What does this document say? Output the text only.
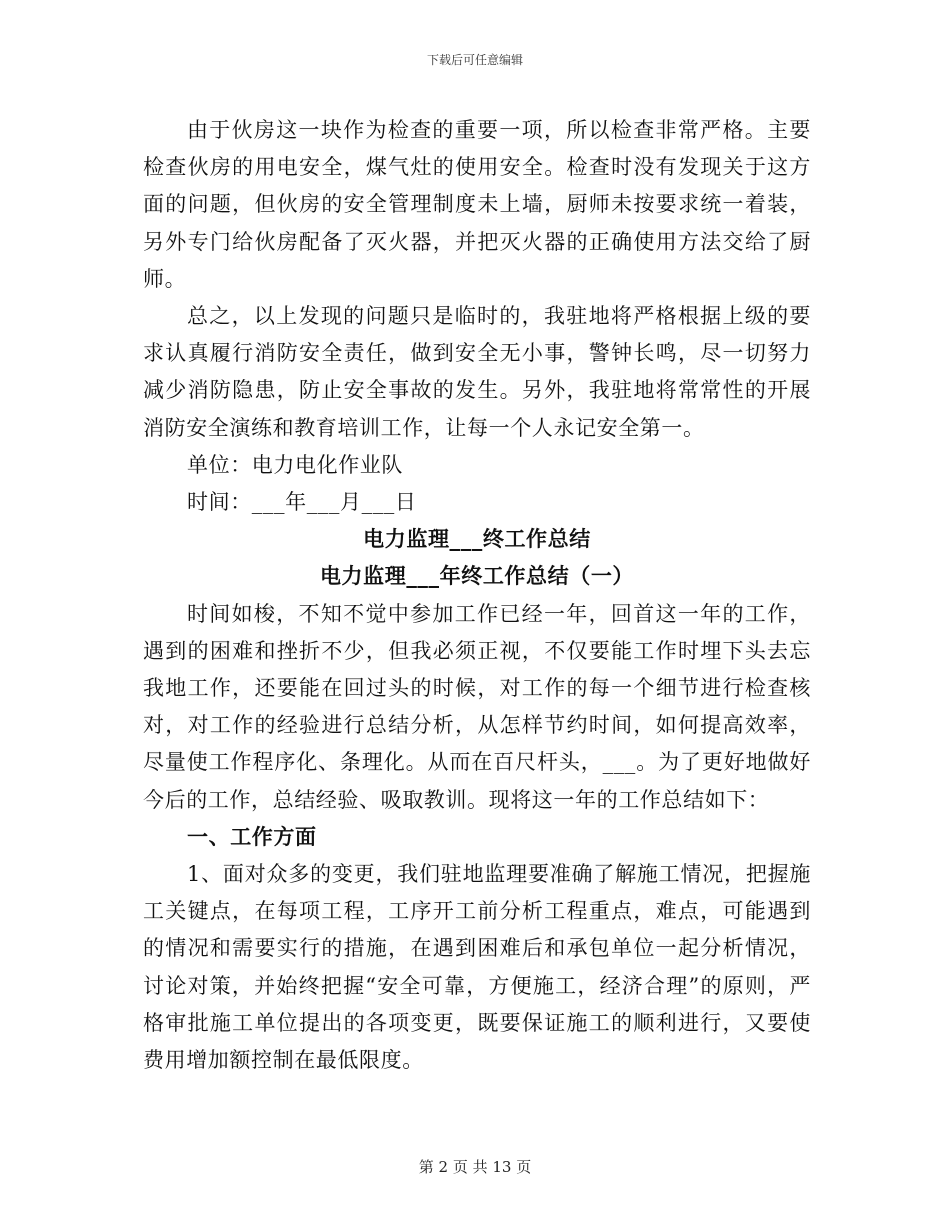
下载后可任意编辑

由于伙房这一块作为检查的重要一项，所以检查非常严格。主要检查伙房的用电安全，煤气灶的使用安全。检查时没有发现关于这方面的问题，但伙房的安全管理制度未上墙，厨师未按要求统一着装，另外专门给伙房配备了灭火器，并把灭火器的正确使用方法交给了厨师。

总之，以上发现的问题只是临时的，我驻地将严格根据上级的要求认真履行消防安全责任，做到安全无小事，警钟长鸣，尽一切努力减少消防隐患，防止安全事故的发生。另外，我驻地将常常性的开展消防安全演练和教育培训工作，让每一个人永记安全第一。

单位：电力电化作业队

时间：___年___月___日

电力监理___终工作总结

电力监理___年终工作总结（一）

时间如梭，不知不觉中参加工作已经一年，回首这一年的工作，遇到的困难和挫折不少，但我必须正视，不仅要能工作时埋下头去忘我地工作，还要能在回过头的时候，对工作的每一个细节进行检查核对，对工作的经验进行总结分析，从怎样节约时间，如何提高效率，尽量使工作程序化、条理化。从而在百尺杆头，___。为了更好地做好今后的工作，总结经验、吸取教训。现将这一年的工作总结如下：

一、工作方面

1、面对众多的变更，我们驻地监理要准确了解施工情况，把握施工关键点，在每项工程，工序开工前分析工程重点，难点，可能遇到的情况和需要实行的措施，在遇到困难后和承包单位一起分析情况，讨论对策，并始终把握“安全可靠，方便施工，经济合理”的原则，严格审批施工单位提出的各项变更，既要保证施工的顺利进行，又要使费用增加额控制在最低限度。

第 2 页 共 13 页
